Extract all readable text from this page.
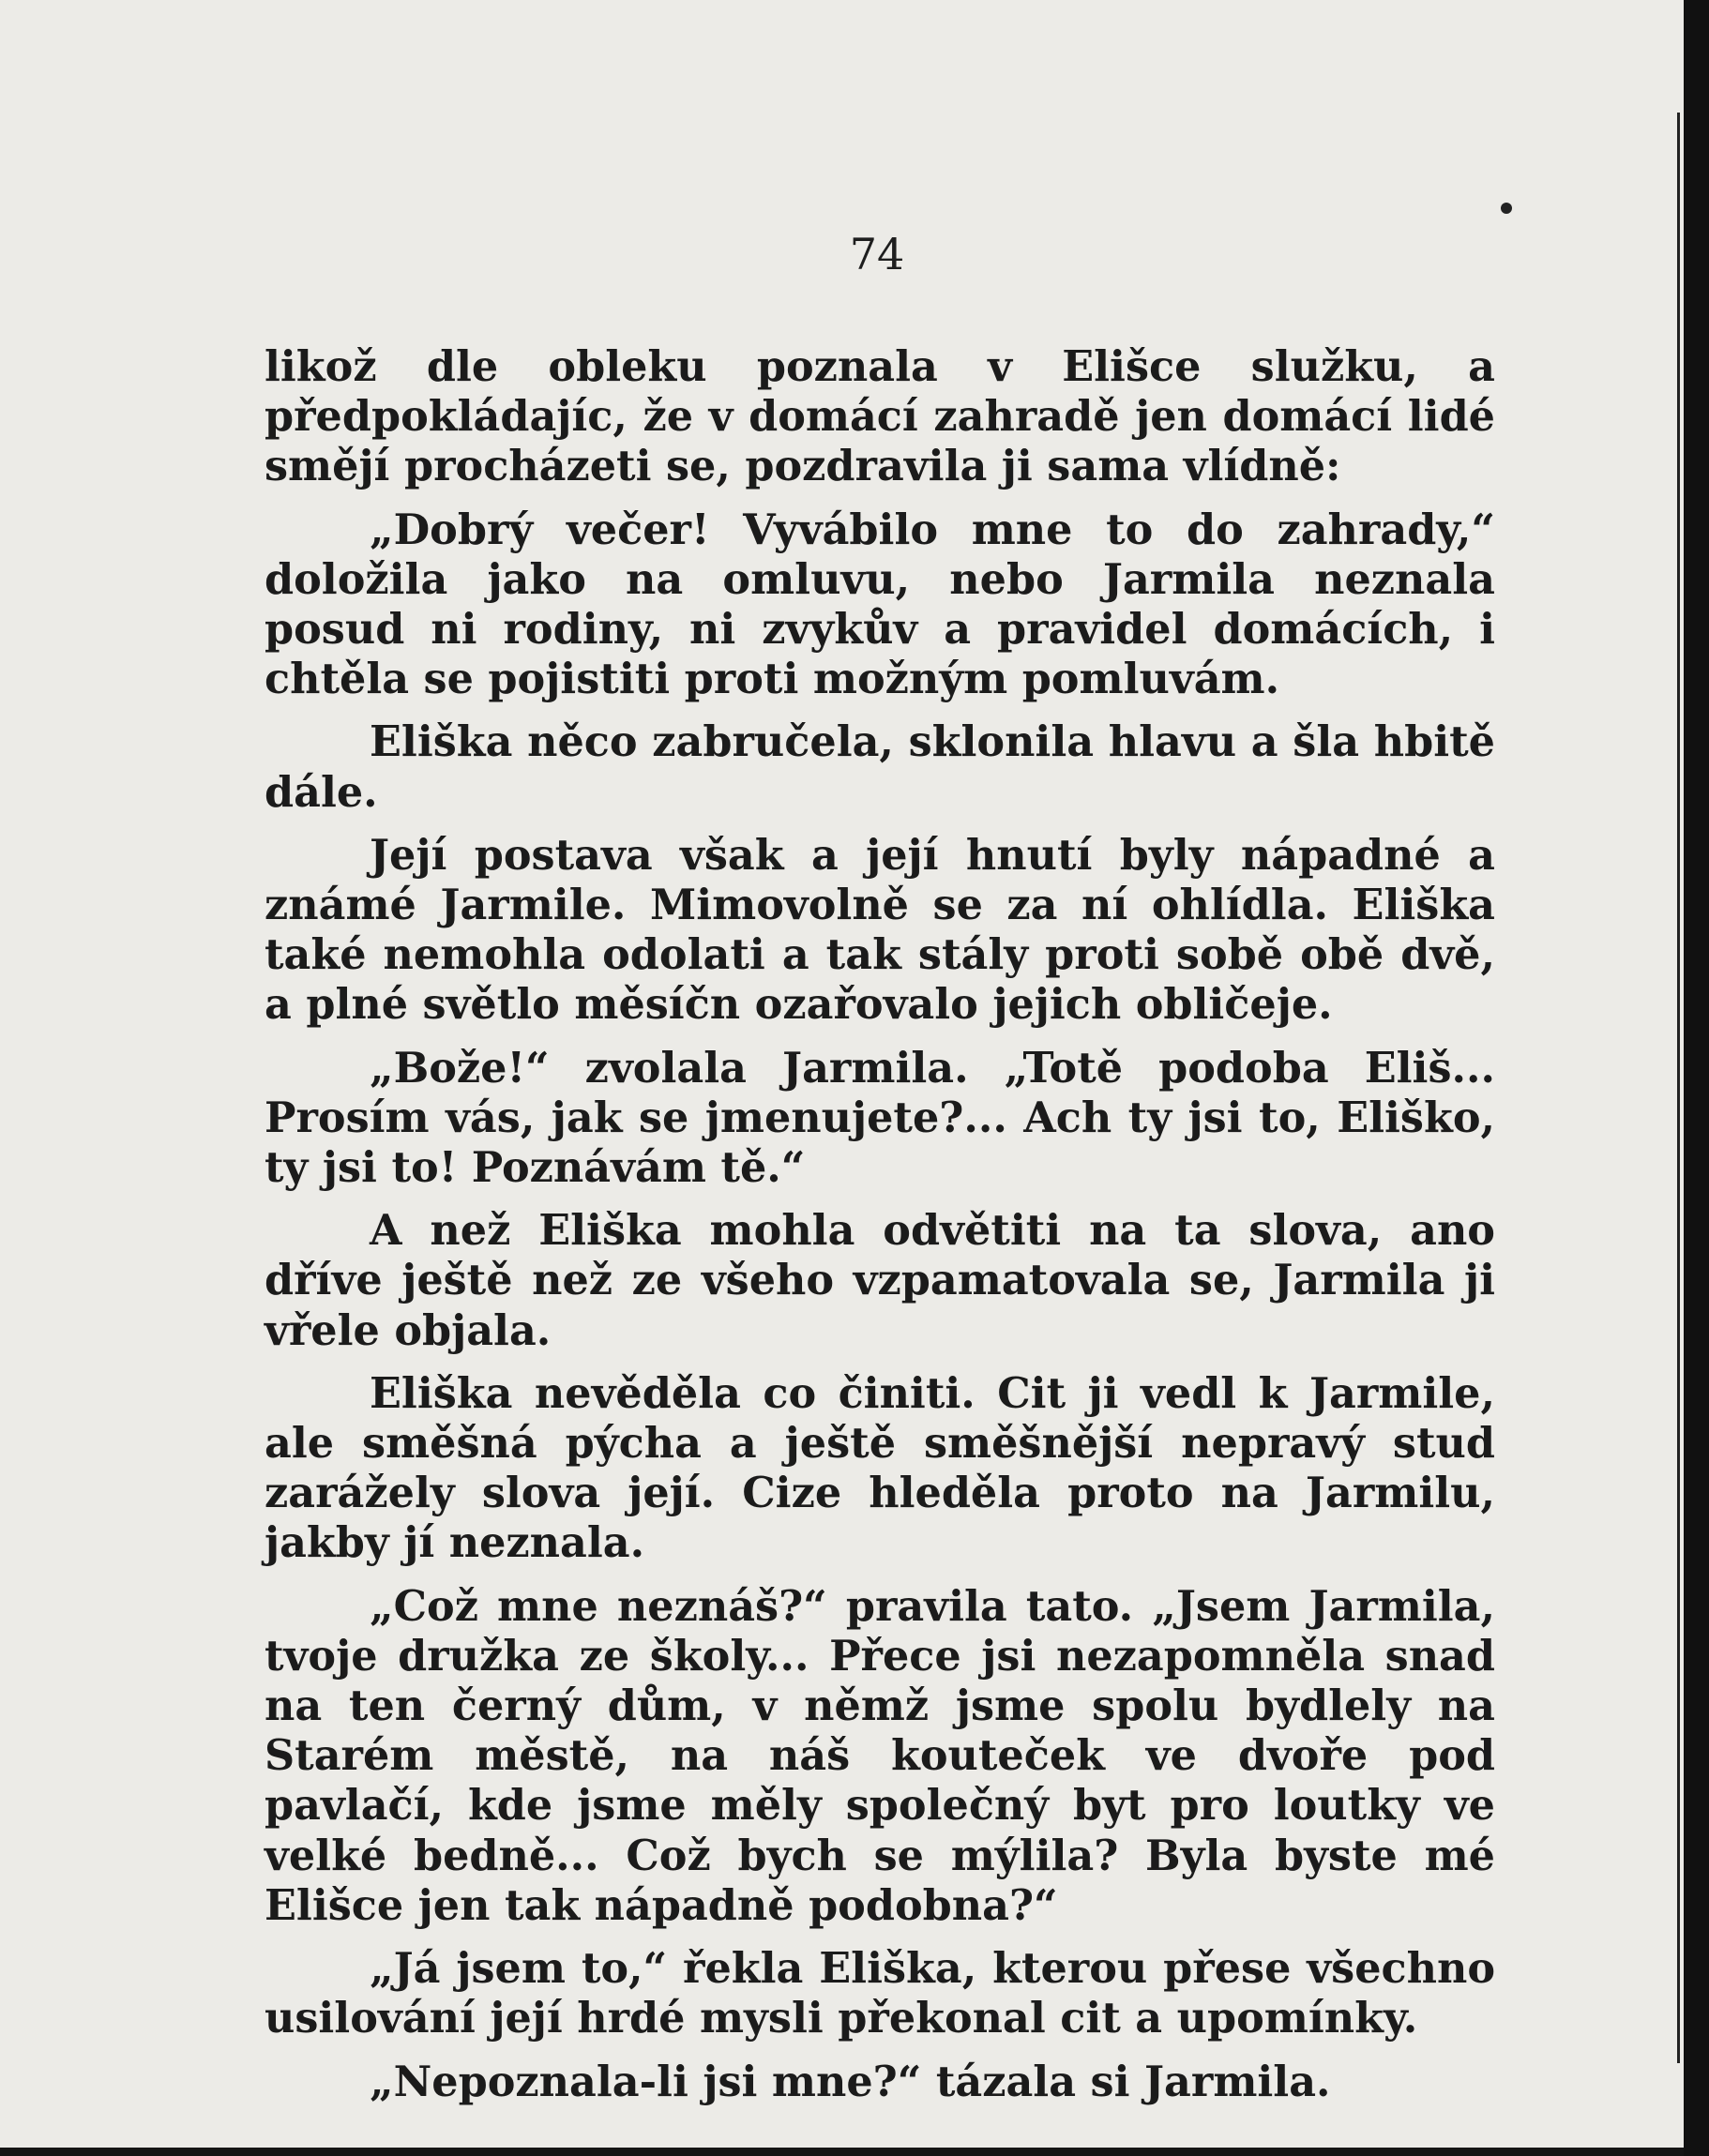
74

likož dle obleku poznala v Elišce služku, a předpokládajíc, že v domácí zahradě jen domácí lidé smějí procházeti se, pozdravila ji sama vlídně:

„Dobrý večer! Vyvábilo mne to do zahrady,“ doložila jako na omluvu, nebo Jarmila neznala posud ni rodiny, ni zvykův a pravidel domácích, i chtěla se pojistiti proti možným pomluvám.

Eliška něco zabručela, sklonila hlavu a šla hbitě dále.

Její postava však a její hnutí byly nápadné a známé Jarmile. Mimovolně se za ní ohlídla. Eliška také nemohla odolati a tak stály proti sobě obě dvě, a plné světlo měsíčn ozařovalo jejich obličeje.

„Bože!“ zvolala Jarmila. „Totě podoba Eliš... Prosím vás, jak se jmenujete?... Ach ty jsi to, Eliško, ty jsi to! Poznávám tě.“

A než Eliška mohla odvětiti na ta slova, ano dříve ještě než ze všeho vzpamatovala se, Jarmila ji vřele objala.

Eliška nevěděla co činiti. Cit ji vedl k Jarmile, ale směšná pýcha a ještě směšnější nepravý stud zarážely slova její. Cize hleděla proto na Jarmilu, jakby jí neznala.

„Což mne neznáš?“ pravila tato. „Jsem Jarmila, tvoje družka ze školy... Přece jsi nezapomněla snad na ten černý dům, v němž jsme spolu bydlely na Starém městě, na náš kouteček ve dvoře pod pavlačí, kde jsme měly společný byt pro loutky ve velké bedně... Což bych se mýlila? Byla byste mé Elišce jen tak nápadně podobna?“

„Já jsem to,“ řekla Eliška, kterou přese všechno usilování její hrdé mysli překonal cit a upomínky.

„Nepoznala-li jsi mne?“ tázala si Jarmila.
